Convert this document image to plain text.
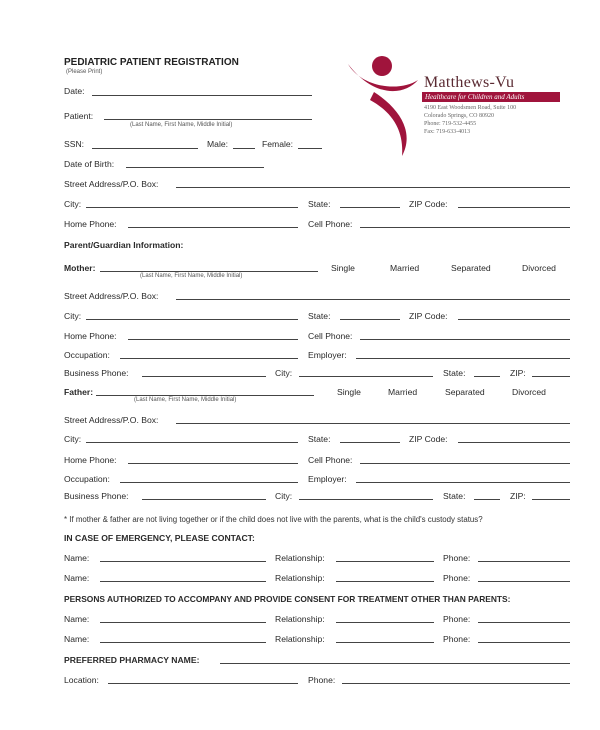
PEDIATRIC PATIENT REGISTRATION
(Please Print)
Matthews-Vu
Healthcare for Children and Adults
4190 East Woodsmen Road, Suite 100
Colorado Springs, CO 80920
Phone: 719-532-4455
Fax: 719-633-4013
Date:
Patient:
(Last Name, First Name, Middle Initial)
SSN:	Male:	Female:
Date of Birth:
Street Address/P.O. Box:
City:	State:	ZIP Code:
Home Phone:	Cell Phone:
Parent/Guardian Information:
Mother:
(Last Name, First Name, Middle Initial)
Single	Married	Separated	Divorced
Street Address/P.O. Box:
City:	State:	ZIP Code:
Home Phone:	Cell Phone:
Occupation:	Employer:
Business Phone:	City:	State:	ZIP:
Father:
(Last Name, First Name, Middle Initial)
Single	Married	Separated	Divorced
Street Address/P.O. Box:
City:	State:	ZIP Code:
Home Phone:	Cell Phone:
Occupation:	Employer:
Business Phone:	City:	State:	ZIP:
* If mother & father are not living together or if the child does not live with the parents, what is the child's custody status?
IN CASE OF EMERGENCY, PLEASE CONTACT:
Name:	Relationship:	Phone:
Name:	Relationship:	Phone:
PERSONS AUTHORIZED TO ACCOMPANY AND PROVIDE CONSENT FOR TREATMENT OTHER THAN PARENTS:
Name:	Relationship:	Phone:
Name:	Relationship:	Phone:
PREFERRED PHARMACY NAME:
Location:	Phone:
